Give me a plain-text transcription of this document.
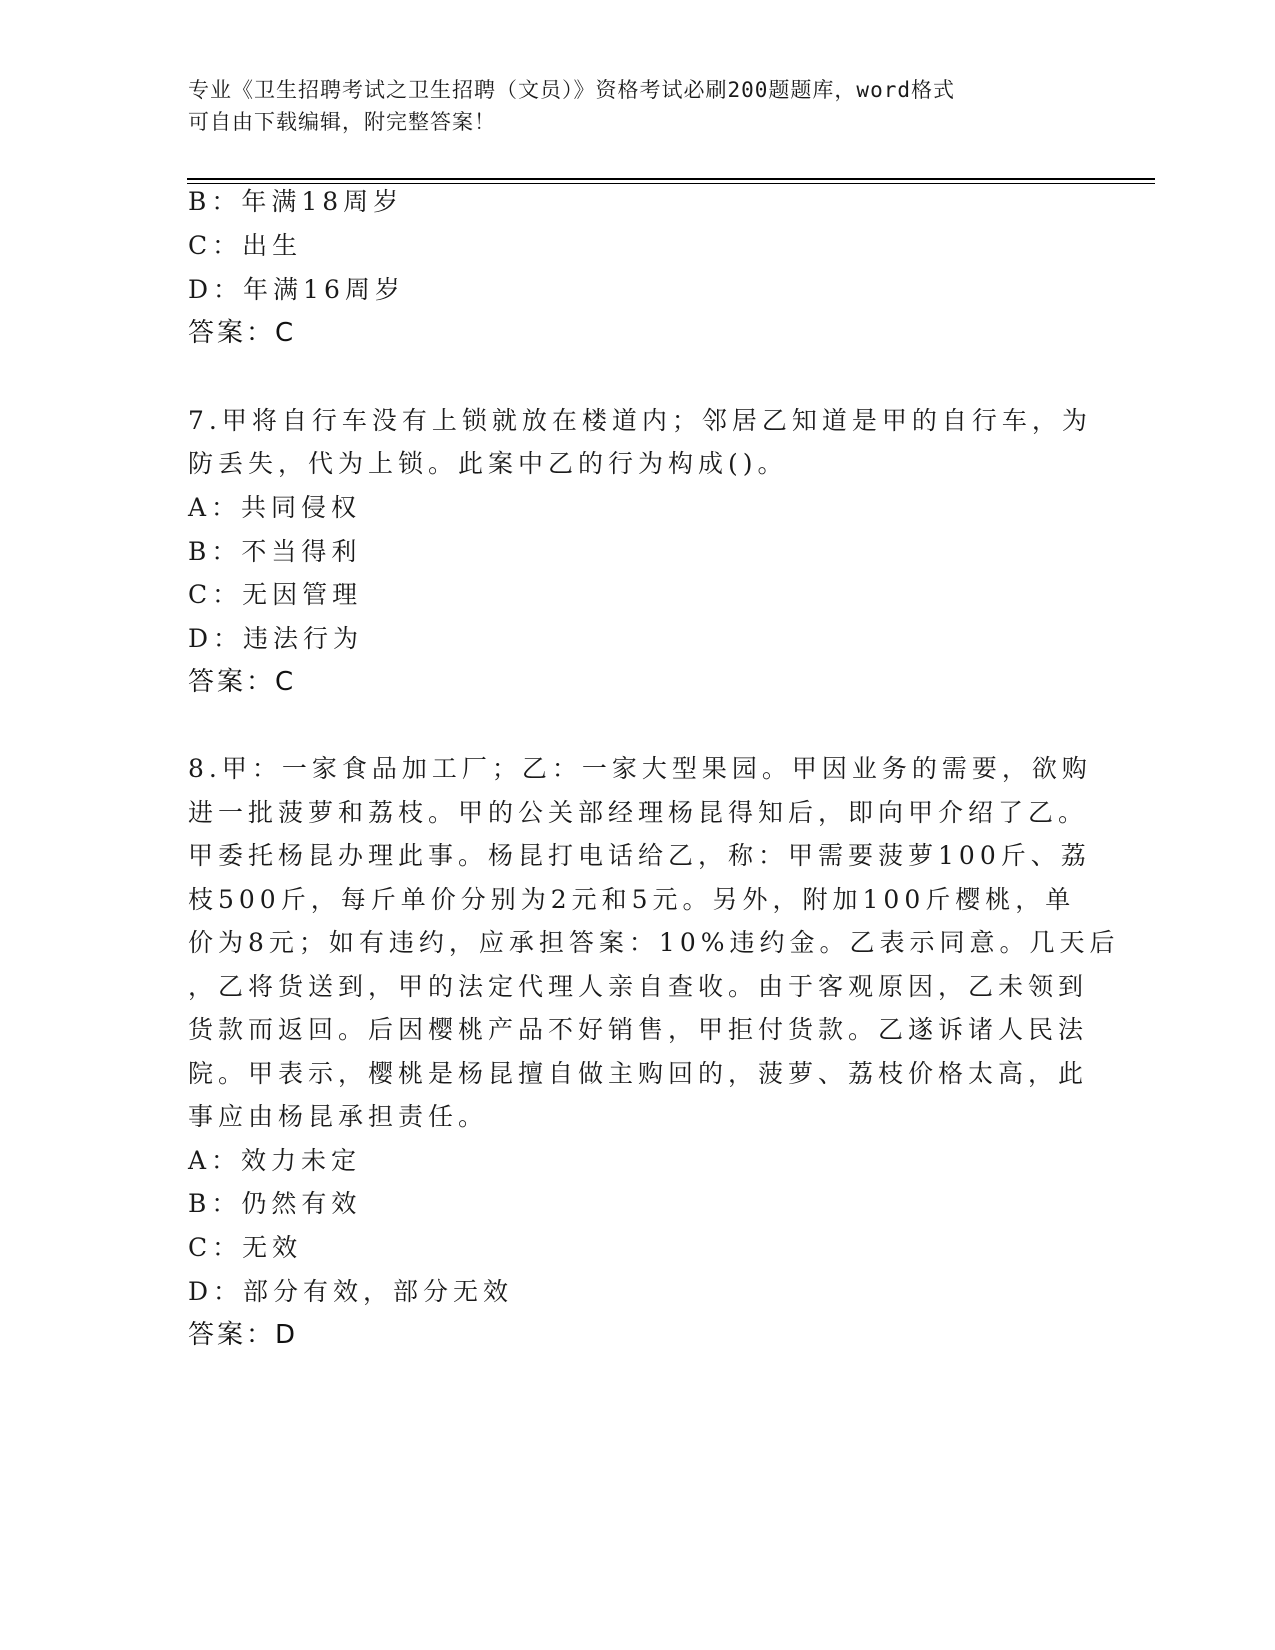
专业《卫生招聘考试之卫生招聘（文员）》资格考试必刷200题题库，word格式
可自由下载编辑，附完整答案！
B：年满18周岁
C：出生
D：年满16周岁
答案：C
7.甲将自行车没有上锁就放在楼道内；邻居乙知道是甲的自行车，为
防丢失，代为上锁。此案中乙的行为构成()。
A：共同侵权
B：不当得利
C：无因管理
D：违法行为
答案：C
8.甲：一家食品加工厂；乙：一家大型果园。甲因业务的需要，欲购
进一批菠萝和荔枝。甲的公关部经理杨昆得知后，即向甲介绍了乙。
甲委托杨昆办理此事。杨昆打电话给乙，称：甲需要菠萝100斤、荔
枝500斤，每斤单价分别为2元和5元。另外，附加100斤樱桃，单
价为8元；如有违约，应承担答案：10%违约金。乙表示同意。几天后
，乙将货送到，甲的法定代理人亲自查收。由于客观原因，乙未领到
货款而返回。后因樱桃产品不好销售，甲拒付货款。乙遂诉诸人民法
院。甲表示，樱桃是杨昆擅自做主购回的，菠萝、荔枝价格太高，此
事应由杨昆承担责任。
A：效力未定
B：仍然有效
C：无效
D：部分有效，部分无效
答案：D
